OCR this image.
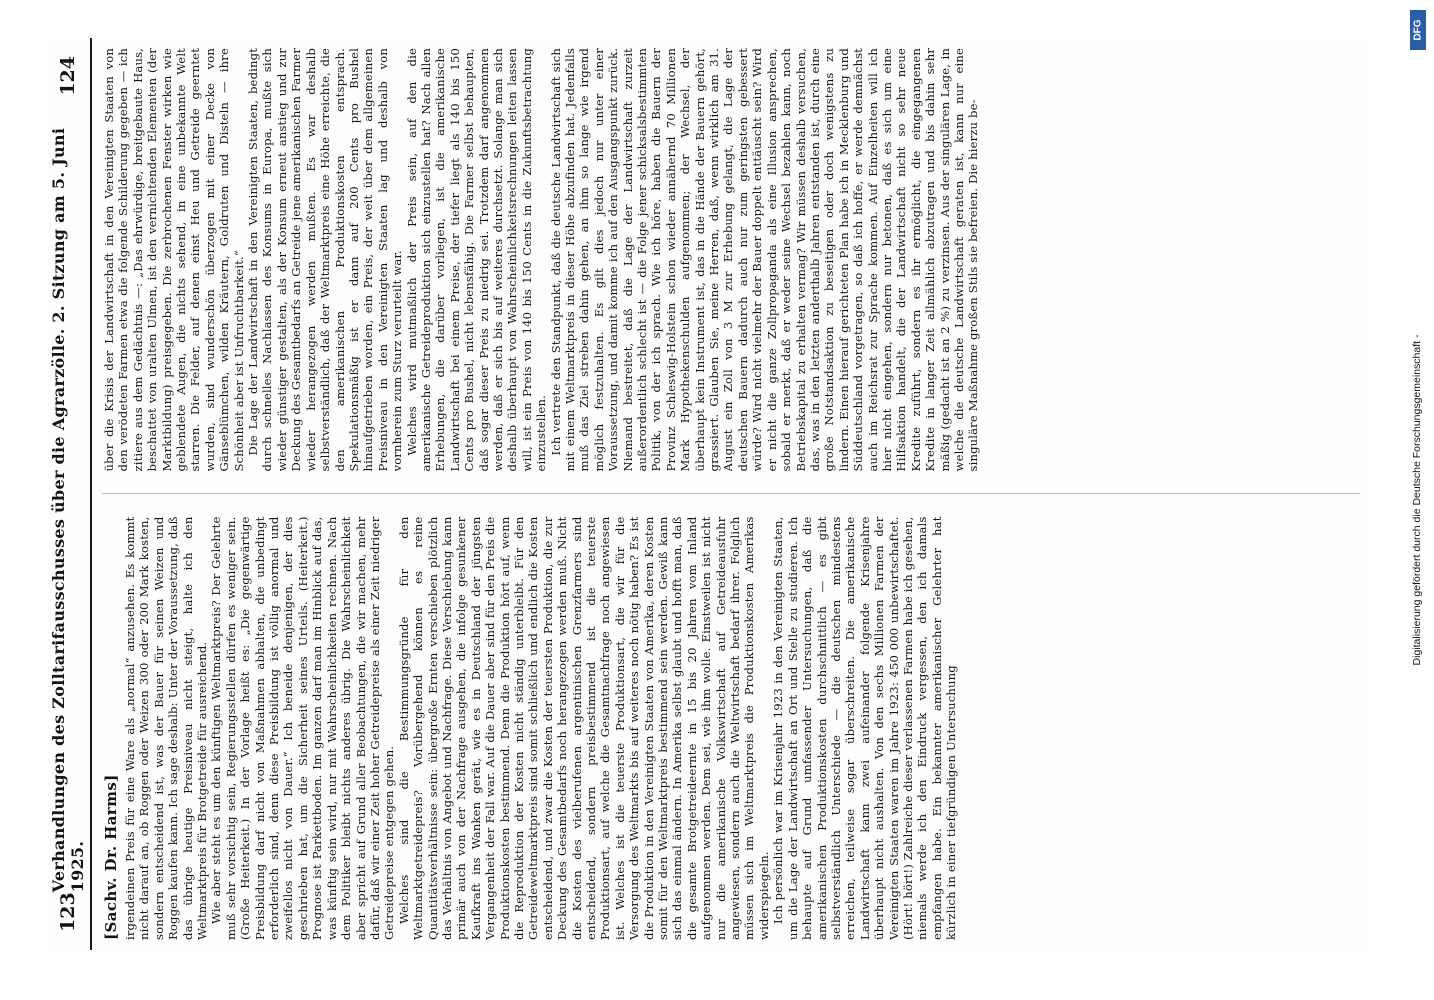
123
Verhandlungen des Zolltarifausschusses über die Agrarzölle. 2. Sitzung am 5. Juni 1925.
124
[Sachv. Dr. Harms] irgendeinen Preis für eine Ware als „normal“ anzusehen. Es kommt nicht darauf an, ob Roggen oder Weizen 300 oder 200 Mark kosten, sondern entscheidend ist, was der Bauer für seinen Weizen und Roggen kaufen kann. Ich sage deshalb: Unter der Voraussetzung, daß das übrige heutige Preisniveau nicht steigt, halte ich den Weltmarktpreis für Brotgetreide für ausreichend. Wie aber steht es um den künftigen Weltmarktpreis? Der Gelehrte muß sehr vorsichtig sein, Regierungsstellen dürfen es weniger sein. (Große Heiterkeit.) In der Vorlage heißt es: „Die gegenwärtige Preisbildung darf nicht von Maßnahmen abhalten, die unbedingt erforderlich sind, denn diese Preisbildung ist völlig anormal und zweifellos nicht von Dauer.“ Ich beneide denjenigen, der dies geschrieben hat, um die Sicherheit seines Urteils. (Heiterkeit.) Prognose ist Parkettboden. Im ganzen darf man im Hinblick auf das, was künftig sein wird, nur mit Wahrscheinlichkeiten rechnen. Nach dem Politiker bleibt nichts anderes übrig. Die Wahrscheinlichkeit aber spricht auf Grund aller Beobachtungen, die wir machen, mehr dafür, daß wir einer Zeit hoher Getreidepreise als einer Zeit niedriger Getreidepreise entgegen gehen. Welches sind die Bestimmungsgründe für den Weltmarktgetreidepreis? Vorübergehend können es reine Quantitätsverhältnisse sein: übergroße Ernten verschieben plötzlich das Verhältnis von Angebot und Nachfrage. Diese Verschiebung kann primär auch von der Nachfrage ausgehen, die infolge gesunkener Kaufkraft ins Wanken gerät, wie es in Deutschland der jüngsten Vergangenheit der Fall war. Auf die Dauer aber sind für den Preis die Produktionskosten bestimmend. Denn die Produktion hört auf, wenn die Reproduktion der Kosten nicht ständig unterbleibt. Für den Getreideweltmarktpreis sind somit schließlich und endlich die Kosten entscheidend, und zwar die Kosten der teuersten Produktion, die zur Deckung des Gesamtbedarfs noch herangezogen werden muß. Nicht die Kosten des vielberufenen argentinischen Grenzfarmers sind entscheidend, sondern preisbestimmend ist die teuerste Produktionsart, auf welche die Gesamtnachfrage noch angewiesen ist. Welches ist die teuerste Produktionsart, die wir für die Versorgung des Weltmarkts bis auf weiteres noch nötig haben? Es ist die Produktion in den Vereinigten Staaten von Amerika, deren Kosten somit für den Weltmarktpreis bestimmend sein werden. Gewiß kann sich das einmal ändern. In Amerika selbst glaubt und hofft man, daß die gesamte Brotgetreideernte in 15 bis 20 Jahren vom Inland aufgenommen werden. Dem sei, wie ihm wolle. Einstweilen ist nicht nur die amerikanische Volkswirtschaft auf Getreideausfuhr angewiesen, sondern auch die Weltwirtschaft bedarf ihrer. Folglich müssen sich im Weltmarktpreis die Produktionskosten Amerikas widerspiegeln. Ich persönlich war im Krisenjahr 1923 in den Vereinigten Staaten, um die Lage der Landwirtschaft an Ort und Stelle zu studieren. Ich behaupte auf Grund umfassender Untersuchungen, daß die amerikanischen Produktionskosten durchschnittlich — es gibt selbstverständlich Unterschiede — die deutschen mindestens erreichen, teilweise sogar überschreiten. Die amerikanische Landwirtschaft kann zwei aufeinander folgende Krisenjahre überhaupt nicht aushalten. Von den sechs Millionen Farmen der Vereinigten Staaten waren im Jahre 1923: 450 000 unbewirtschaftet. (Hört! hört!) Zahlreiche dieser verlassenen Farmen habe ich gesehen, niemals werde ich den Eindruck vergessen, den ich damals empfangen habe. Ein bekannter amerikanischer Gelehrter hat kürzlich in einer tiefgründigen Untersuchung

über die Krisis der Landwirtschaft in den Vereinigten Staaten von den verödeten Farmen etwa die folgende Schilderung gegeben — ich zitiere aus dem Gedächtnis —: „Das ehrwürdige, breitgebaute Haus, beschattet von uralten Ulmen, ist den vernichtenden Elementen (der Marktbildung) preisgegeben. Die zerbrochenen Fenster wirken wie geblendete Augen, die nichts sehend, in eine unbekannte Welt starren. Die Felder, auf denen einst Heu und Getreide geerntet wurden, sind wunderschön überzogen mit einer Decke von Gänseblümchen, wilden Kräutern, Goldruten und Disteln — ihre Schönheit aber ist Unfruchtbarkeit.“ Die Lage der Landwirtschaft in den Vereinigten Staaten, bedingt durch schnelles Nachlassen des Konsums in Europa, mußte sich wieder günstiger gestalten, als der Konsum erneut anstieg und zur Deckung des Gesamtbedarfs an Getreide jene amerikanischen Farmer wieder herangezogen werden mußten. Es war deshalb selbstverständlich, daß der Weltmarktpreis eine Höhe erreichte, die den amerikanischen Produktionskosten entsprach. Spekulationsmäßig ist er dann auf 200 Cents pro Bushel hinaufgetrieben worden, ein Preis, der weit über dem allgemeinen Preisniveau in den Vereinigten Staaten lag und deshalb von vornherein zum Sturz verurteilt war. Welches wird mutmaßlich der Preis sein, auf den die amerikanische Getreideproduktion sich einzustellen hat? Nach allen Erhebungen, die darüber vorliegen, ist die amerikanische Landwirtschaft bei einem Preise, der tiefer liegt als 140 bis 150 Cents pro Bushel, nicht lebensfähig. Die Farmer selbst behaupten, daß sogar dieser Preis zu niedrig sei. Trotzdem darf angenommen werden, daß er sich bis auf weiteres durchsetzt. Solange man sich deshalb überhaupt von Wahrscheinlichkeitsrechnungen leiten lassen will, ist ein Preis von 140 bis 150 Cents in die Zukunftsbetrachtung einzustellen. Ich vertrete den Standpunkt, daß die deutsche Landwirtschaft sich mit einem Weltmarktpreis in dieser Höhe abzufinden hat. Jedenfalls muß das Ziel streben dahin gehen, an ihm so lange wie irgend möglich festzuhalten. Es gilt dies jedoch nur unter einer Voraussetzung, und damit komme ich auf den Ausgangspunkt zurück. Niemand bestreitet, daß die Lage der Landwirtschaft zurzeit außerordentlich schlecht ist — die Folge jener schicksalsbestimmten Politik, von der ich sprach. Wie ich höre, haben die Bauern der Provinz Schleswig-Holstein schon wieder annähernd 70 Millionen Mark Hypothekenschulden aufgenommen; der Wechsel, der überhaupt kein Instrument ist, das in die Hände der Bauern gehört, grassiert. Glauben Sie, meine Herren, daß, wenn wirklich am 31. August ein Zoll von 3 M zur Erhebung gelangt, die Lage der deutschen Bauern dadurch auch nur zum geringsten gebessert würde? Wird nicht vielmehr der Bauer doppelt enttäuscht sein? Wird er nicht die ganze Zollpropaganda als eine Illusion ansprechen, sobald er merkt, daß er weder seine Wechsel bezahlen kann, noch Betriebskapital zu erhalten vermag? Wir müssen deshalb versuchen, das, was in den letzten anderthalb Jahren entstanden ist, durch eine große Notstandsaktion zu beseitigen oder doch wenigstens zu lindern. Einen hierauf gerichteten Plan habe ich in Mecklenburg und Süddeutschland vorgetragen, so daß ich hoffe, er werde demnächst auch im Reichsrat zur Sprache kommen. Auf Einzelheiten will ich hier nicht eingehen, sondern nur betonen, daß es sich um eine Hilfsaktion handelt, die der Landwirtschaft nicht so sehr neue Kredite zuführt, sondern es ihr ermöglicht, die eingegangenen Kredite in langer Zeit allmählich abzutragen und bis dahin sehr mäßig (gedacht ist an 2 %) zu verzinsen. Aus der singulären Lage, in welche die deutsche Landwirtschaft geraten ist, kann nur eine singuläre Maßnahme großen Stils sie befreien. Die hierzu be-

Digitalisierung gefördert durch die Deutsche Forschungsgemeinschaft -
DFG
